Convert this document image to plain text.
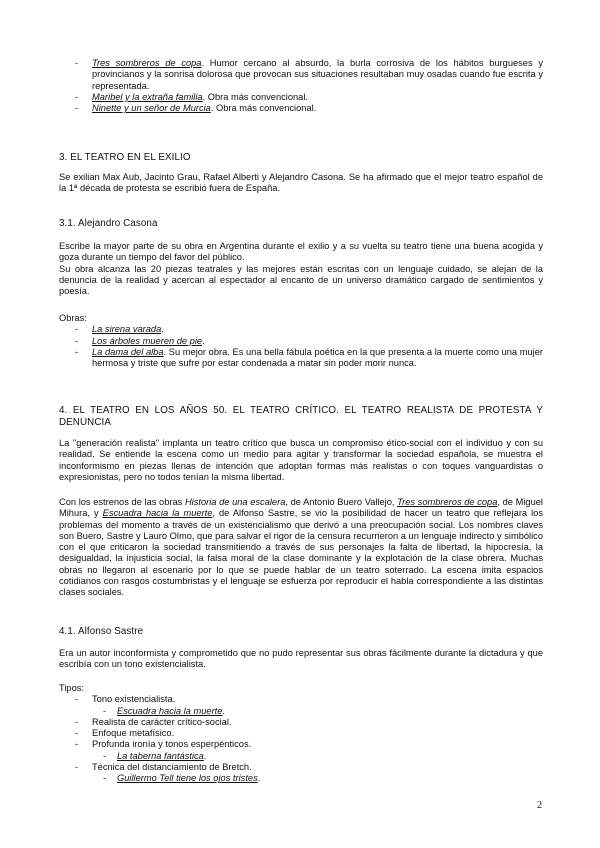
- Tres sombreros de copa. Humor cercano al absurdo, la burla corrosiva de los hábitos burgueses y provincianos y la sonrisa dolorosa que provocan sus situaciones resultaban muy osadas cuando fue escrita y representada.
- Maribel y la extraña familia. Obra más convencional.
- Ninette y un señor de Murcia. Obra más convencional.
3. EL TEATRO EN EL EXILIO

Se exilian Max Aub, Jacinto Grau, Rafael Alberti y Alejandro Casona. Se ha afirmado que el mejor teatro español de la 1ª década de protesta se escribió fuera de España.

3.1. Alejandro Casona

Escribe la mayor parte de su obra en Argentina durante el exilio y a su vuelta su teatro tiene una buena acogida y goza durante un tiempo del favor del público.

Su obra alcanza las 20 piezas teatrales y las mejores están escritas con un lenguaje cuidado, se alejan de la denuncia de la realidad y acercan al espectador al encanto de un universo dramático cargado de sentimientos y poesía.

Obras:

- La sirena varada.
- Los árboles mueren de pie.
- La dama del alba. Su mejor obra. Es una bella fábula poética en la que presenta a la muerte como una mujer hermosa y triste que sufre por estar condenada a matar sin poder morir nunca.
4. EL TEATRO EN LOS AÑOS 50. EL TEATRO CRÍTICO. EL TEATRO REALISTA DE PROTESTA Y DENUNCIA

La "generación realista" implanta un teatro crítico que busca un compromiso ético-social con el individuo y con su realidad. Se entiende la escena como un medio para agitar y transformar la sociedad española, se muestra el inconformismo en piezas llenas de intención que adoptan formas más realistas o con toques vanguardistas o expresionistas, pero no todos tenían la misma libertad.

Con los estrenos de las obras Historia de una escalera, de Antonio Buero Vallejo, Tres sombreros de copa, de Miguel Mihura, y Escuadra hacia la muerte, de Alfonso Sastre, se vio la posibilidad de hacer un teatro que reflejara los problemas del momento a través de un existencialismo que derivó a una preocupación social. Los nombres claves son Buero, Sastre y Lauro Olmo, que para salvar el rigor de la censura recurrieron a un lenguaje indirecto y simbólico con el que criticaron la sociedad transmitiendo a través de sus personajes la falta de libertad, la hipocresía, la desigualdad, la injusticia social, la falsa moral de la clase dominante y la explotación de la clase obrera. Muchas obras no llegaron al escenario por lo que se puede hablar de un teatro soterrado. La escena imita espacios cotidianos con rasgos costumbristas y el lenguaje se esfuerza por reproducir el habla correspondiente a las distintas clases sociales.

4.1. Alfonso Sastre

Era un autor inconformista y comprometido que no pudo representar sus obras fácilmente durante la dictadura y que escribía con un tono existencialista.

Tipos:

- Tono existencialista.
- Escuadra hacia la muerte.
- Realista de carácter crítico-social.
- Enfoque metafísico.
- Profunda ironía y tonos esperpénticos.
- La taberna fantástica.
- Técnica del distanciamiento de Bretch.
- Guillermo Tell tiene los ojos tristes.
2
